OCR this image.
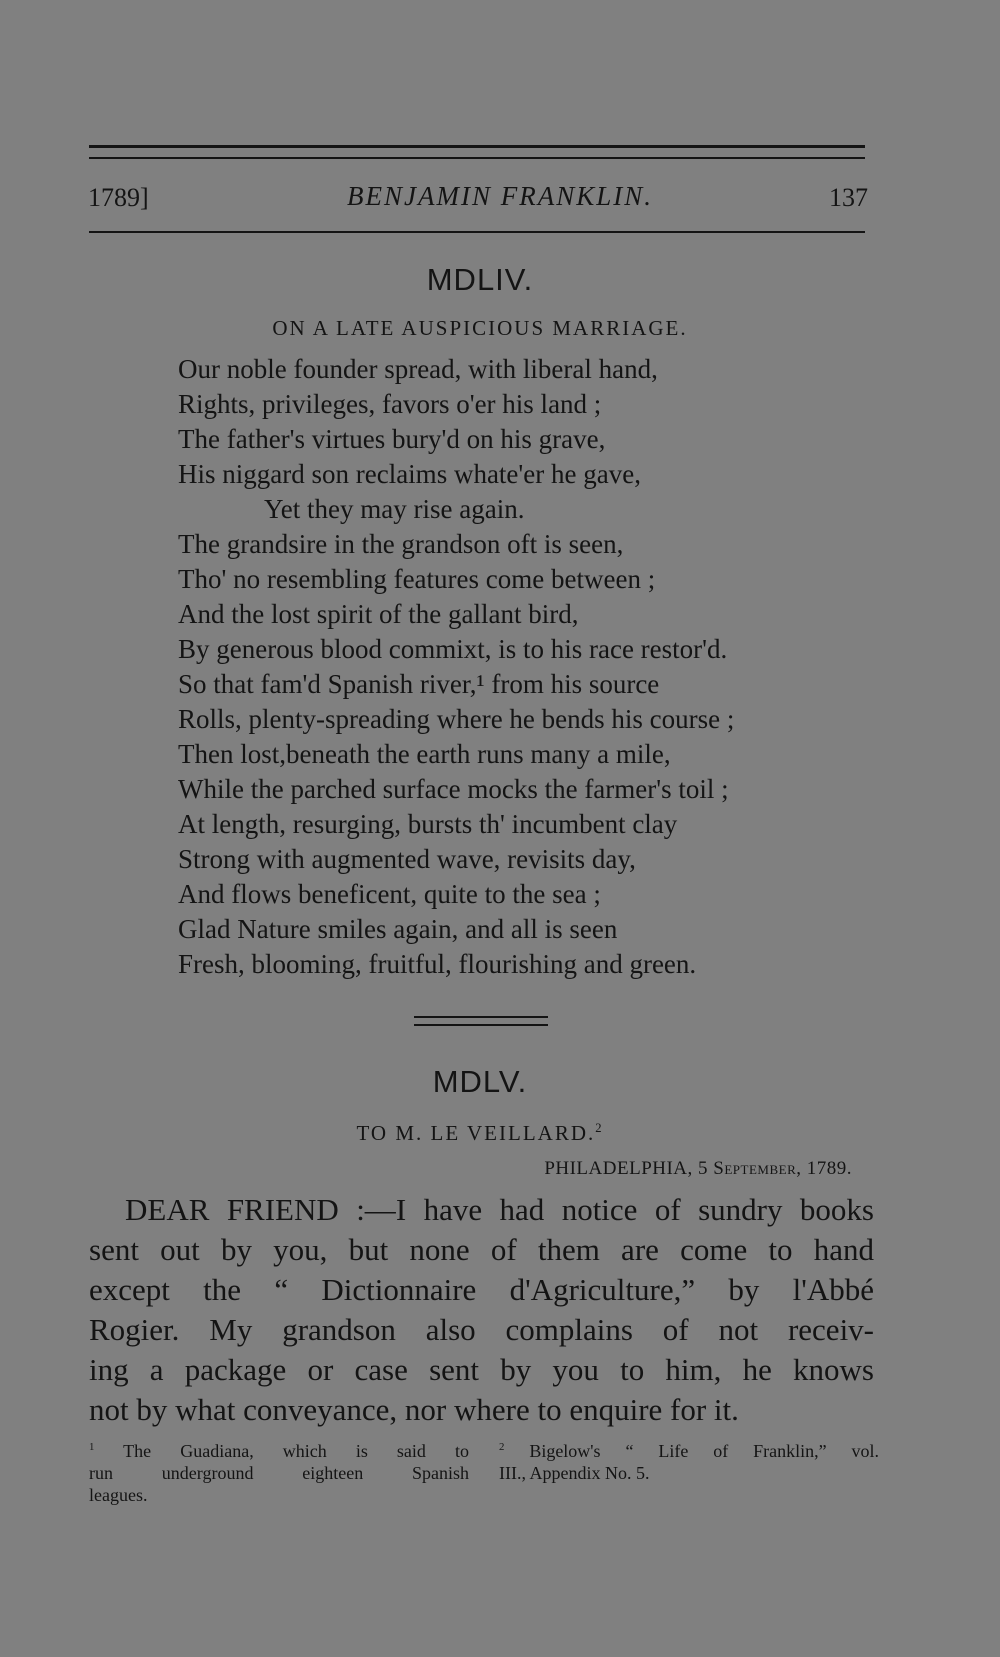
1789]	BENJAMIN FRANKLIN.	137
MDLIV.
ON A LATE AUSPICIOUS MARRIAGE.
Our noble founder spread, with liberal hand,
Rights, privileges, favors o'er his land ;
The father's virtues bury'd on his grave,
His niggard son reclaims whate'er he gave,
Yet they may rise again.
The grandsire in the grandson oft is seen,
Tho' no resembling features come between ;
And the lost spirit of the gallant bird,
By generous blood commixt, is to his race restor'd.
So that fam'd Spanish river,¹ from his source
Rolls, plenty-spreading where he bends his course ;
Then lost,beneath the earth runs many a mile,
While the parched surface mocks the farmer's toil ;
At length, resurging, bursts th' incumbent clay
Strong with augmented wave, revisits day,
And flows beneficent, quite to the sea ;
Glad Nature smiles again, and all is seen
Fresh, blooming, fruitful, flourishing and green.
MDLV.
TO M. LE VEILLARD.$^2$
PHILADELPHIA, 5 September, 1789.
DEAR FRIEND :—I have had notice of sundry books
sent out by you, but none of them are come to hand
except the “ Dictionnaire d'Agriculture,” by l'Abbé
Rogier. My grandson also complains of not receiv-
ing a package or case sent by you to him, he knows
not by what conveyance, nor where to enquire for it.
$^1$ The Guadiana, which is said to
run underground eighteen Spanish
leagues.
$^2$ Bigelow's “ Life of Franklin,” vol.
III., Appendix No. 5.
